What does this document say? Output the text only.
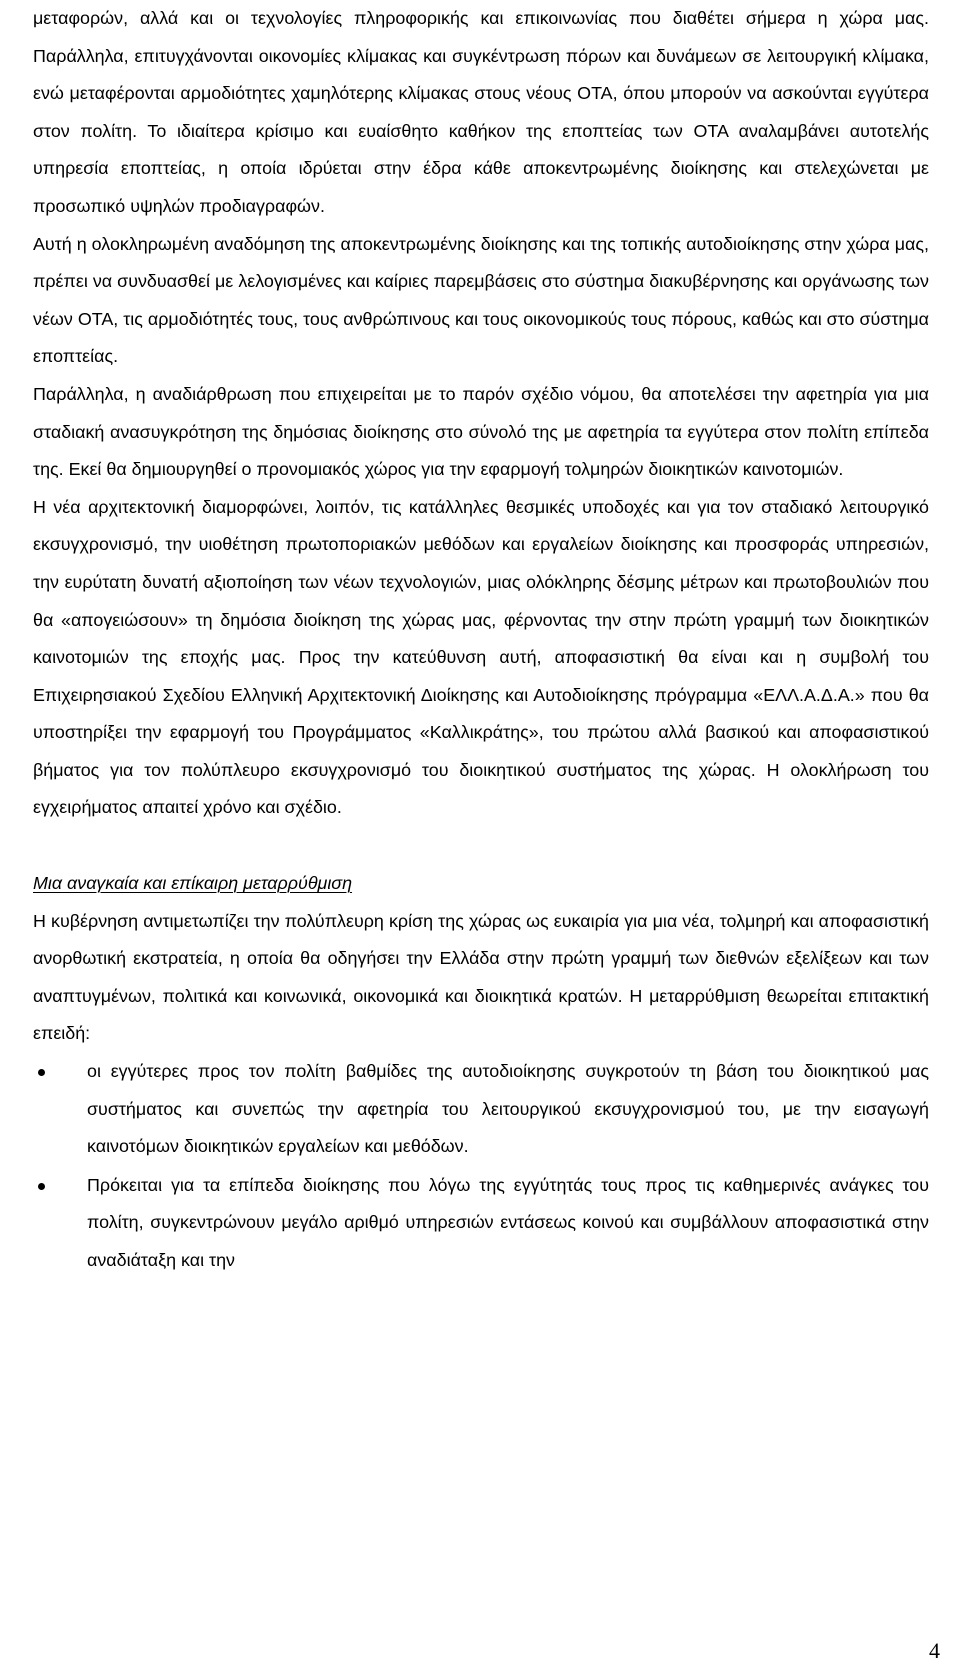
μεταφορών, αλλά και οι τεχνολογίες πληροφορικής και επικοινωνίας που διαθέτει σήμερα η χώρα μας. Παράλληλα, επιτυγχάνονται οικονομίες κλίμακας και συγκέντρωση πόρων και δυνάμεων σε λειτουργική κλίμακα, ενώ μεταφέρονται αρμοδιότητες χαμηλότερης κλίμακας στους νέους ΟΤΑ, όπου μπορούν να ασκούνται εγγύτερα στον πολίτη. Το ιδιαίτερα κρίσιμο και ευαίσθητο καθήκον της εποπτείας των ΟΤΑ αναλαμβάνει αυτοτελής υπηρεσία εποπτείας, η οποία ιδρύεται στην έδρα κάθε αποκεντρωμένης διοίκησης και στελεχώνεται με προσωπικό υψηλών προδιαγραφών.

Αυτή η ολοκληρωμένη αναδόμηση της αποκεντρωμένης διοίκησης και της τοπικής αυτοδιοίκησης στην χώρα μας, πρέπει να συνδυασθεί με λελογισμένες και καίριες παρεμβάσεις στο σύστημα διακυβέρνησης και οργάνωσης των νέων ΟΤΑ, τις αρμοδιότητές τους, τους ανθρώπινους και τους οικονομικούς τους πόρους, καθώς και στο σύστημα εποπτείας.

Παράλληλα, η αναδιάρθρωση που επιχειρείται με το παρόν σχέδιο νόμου, θα αποτελέσει την αφετηρία για μια σταδιακή ανασυγκρότηση της δημόσιας διοίκησης στο σύνολό της με αφετηρία τα εγγύτερα στον πολίτη επίπεδα της. Εκεί θα δημιουργηθεί ο προνομιακός χώρος για την εφαρμογή τολμηρών διοικητικών καινοτομιών.

Η νέα αρχιτεκτονική διαμορφώνει, λοιπόν, τις κατάλληλες θεσμικές υποδοχές και για τον σταδιακό λειτουργικό εκσυγχρονισμό, την υιοθέτηση πρωτοποριακών μεθόδων και εργαλείων διοίκησης και προσφοράς υπηρεσιών, την ευρύτατη δυνατή αξιοποίηση των νέων τεχνολογιών, μιας ολόκληρης δέσμης μέτρων και πρωτοβουλιών που θα «απογειώσουν» τη δημόσια διοίκηση της χώρας μας, φέρνοντας την στην πρώτη γραμμή των διοικητικών καινοτομιών της εποχής μας. Προς την κατεύθυνση αυτή, αποφασιστική θα είναι και η συμβολή του Επιχειρησιακού Σχεδίου Ελληνική Αρχιτεκτονική Διοίκησης και Αυτοδιοίκησης πρόγραμμα «ΕΛΛ.Α.Δ.Α.» που θα υποστηρίξει την εφαρμογή του Προγράμματος «Καλλικράτης», του πρώτου αλλά βασικού και αποφασιστικού βήματος για τον πολύπλευρο εκσυγχρονισμό του διοικητικού συστήματος της χώρας. Η ολοκλήρωση του εγχειρήματος απαιτεί χρόνο και σχέδιο.

Μια αναγκαία και επίκαιρη μεταρρύθμιση

Η κυβέρνηση αντιμετωπίζει την πολύπλευρη κρίση της χώρας ως ευκαιρία για μια νέα, τολμηρή και αποφασιστική ανορθωτική εκστρατεία, η οποία θα οδηγήσει την Ελλάδα στην πρώτη γραμμή των διεθνών εξελίξεων και των αναπτυγμένων, πολιτικά και κοινωνικά, οικονομικά και διοικητικά κρατών. Η μεταρρύθμιση θεωρείται επιτακτική επειδή:

οι εγγύτερες προς τον πολίτη βαθμίδες της αυτοδιοίκησης συγκροτούν τη βάση του διοικητικού μας συστήματος και συνεπώς την αφετηρία του λειτουργικού εκσυγχρονισμού του, με την εισαγωγή καινοτόμων διοικητικών εργαλείων και μεθόδων.
Πρόκειται για τα επίπεδα διοίκησης που λόγω της εγγύτητάς τους προς τις καθημερινές ανάγκες του πολίτη, συγκεντρώνουν μεγάλο αριθμό υπηρεσιών εντάσεως κοινού και συμβάλλουν αποφασιστικά στην αναδιάταξη και την
4
